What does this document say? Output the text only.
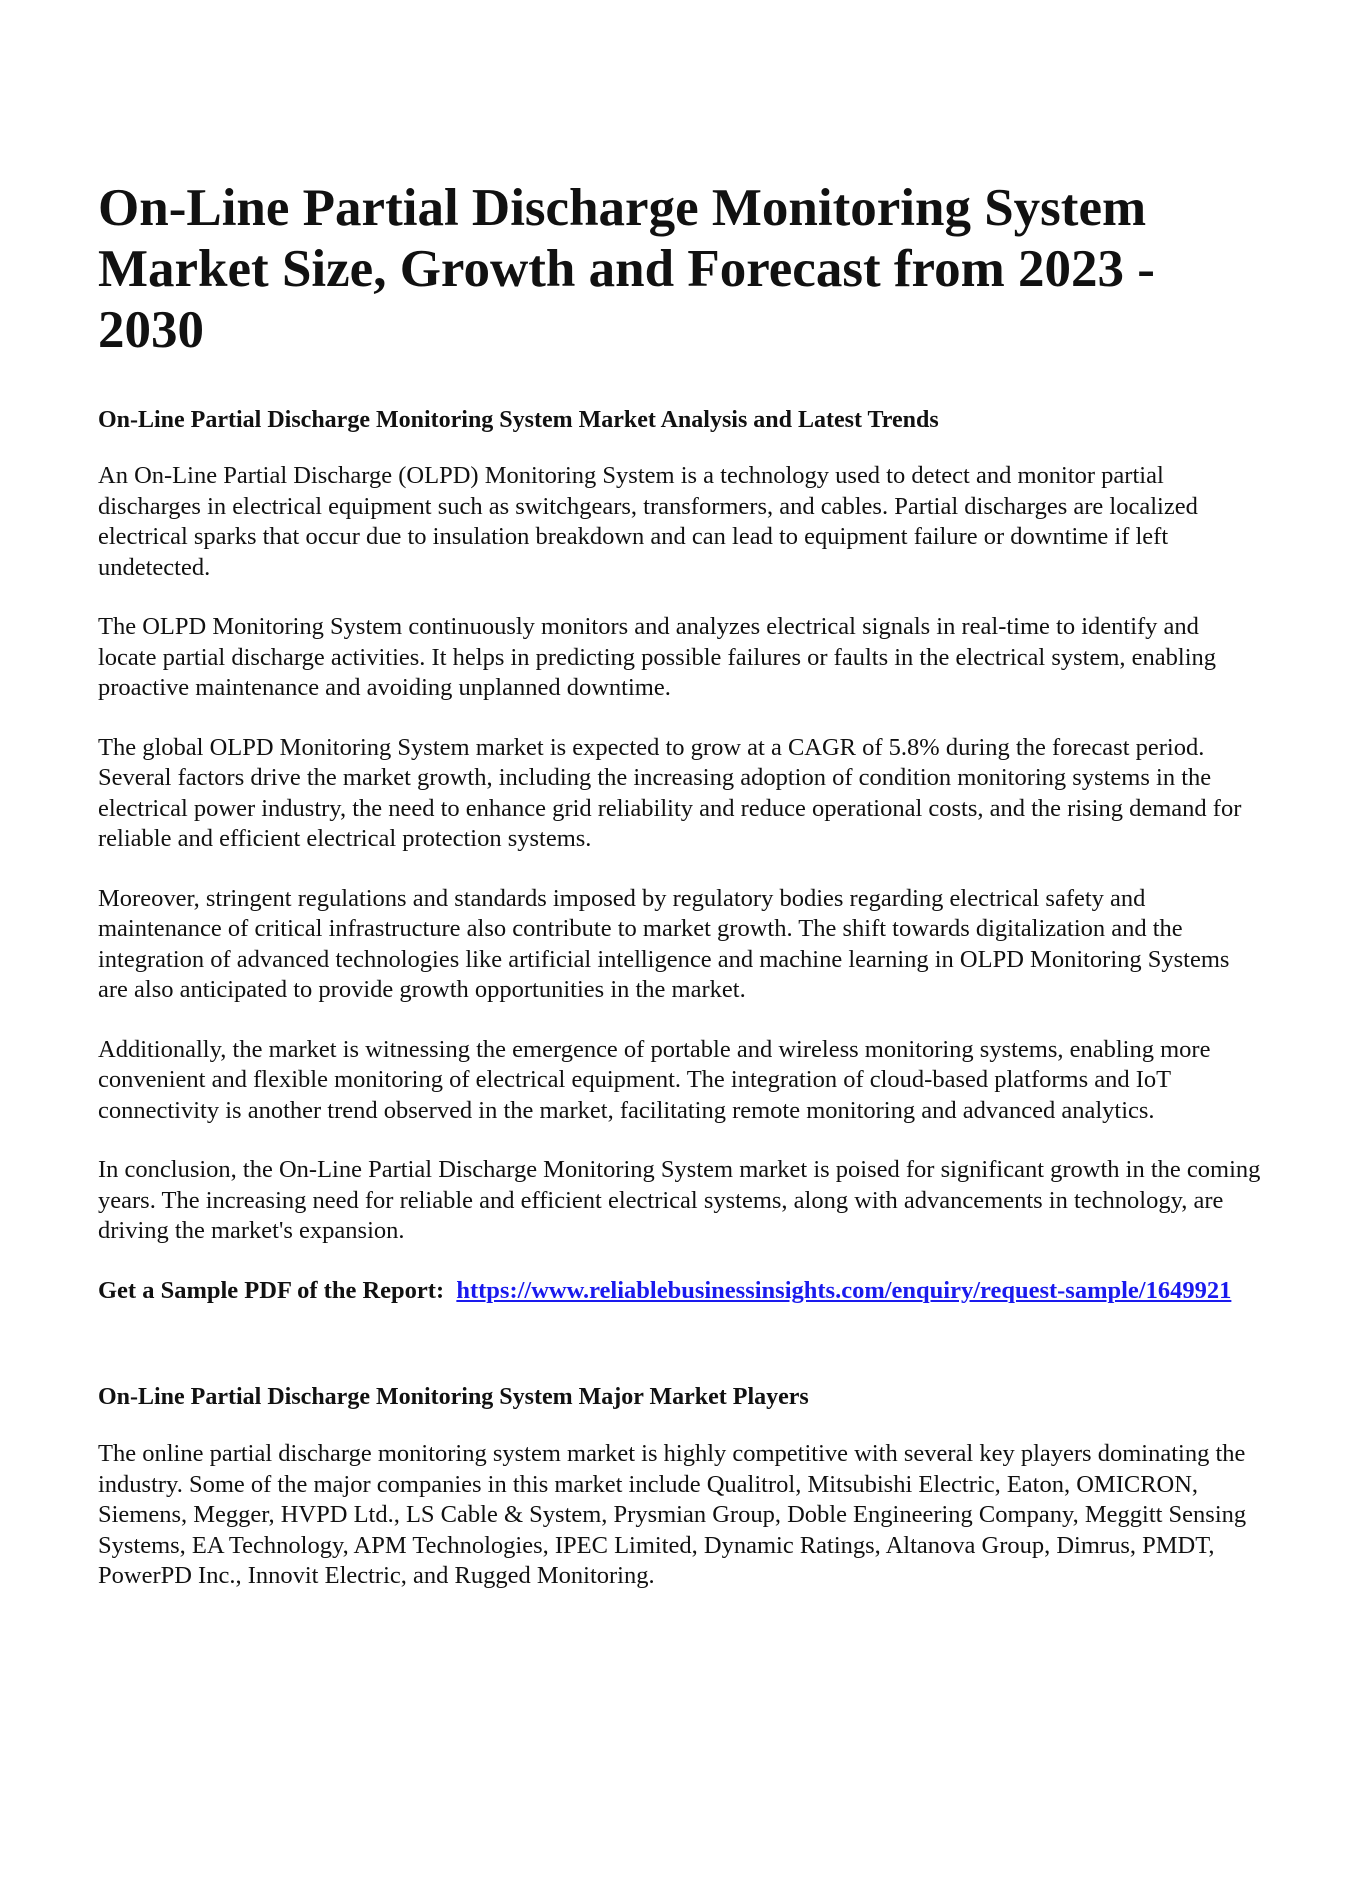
On-Line Partial Discharge Monitoring System Market Size, Growth and Forecast from 2023 - 2030
On-Line Partial Discharge Monitoring System Market Analysis and Latest Trends

An On-Line Partial Discharge (OLPD) Monitoring System is a technology used to detect and monitor partial discharges in electrical equipment such as switchgears, transformers, and cables. Partial discharges are localized electrical sparks that occur due to insulation breakdown and can lead to equipment failure or downtime if left undetected.

The OLPD Monitoring System continuously monitors and analyzes electrical signals in real-time to identify and locate partial discharge activities. It helps in predicting possible failures or faults in the electrical system, enabling proactive maintenance and avoiding unplanned downtime.

The global OLPD Monitoring System market is expected to grow at a CAGR of 5.8% during the forecast period. Several factors drive the market growth, including the increasing adoption of condition monitoring systems in the electrical power industry, the need to enhance grid reliability and reduce operational costs, and the rising demand for reliable and efficient electrical protection systems.

Moreover, stringent regulations and standards imposed by regulatory bodies regarding electrical safety and maintenance of critical infrastructure also contribute to market growth. The shift towards digitalization and the integration of advanced technologies like artificial intelligence and machine learning in OLPD Monitoring Systems are also anticipated to provide growth opportunities in the market.

Additionally, the market is witnessing the emergence of portable and wireless monitoring systems, enabling more convenient and flexible monitoring of electrical equipment. The integration of cloud-based platforms and IoT connectivity is another trend observed in the market, facilitating remote monitoring and advanced analytics.

In conclusion, the On-Line Partial Discharge Monitoring System market is poised for significant growth in the coming years. The increasing need for reliable and efficient electrical systems, along with advancements in technology, are driving the market's expansion.

Get a Sample PDF of the Report: https://www.reliablebusinessinsights.com/enquiry/request-sample/1649921

On-Line Partial Discharge Monitoring System Major Market Players

The online partial discharge monitoring system market is highly competitive with several key players dominating the industry. Some of the major companies in this market include Qualitrol, Mitsubishi Electric, Eaton, OMICRON, Siemens, Megger, HVPD Ltd., LS Cable & System, Prysmian Group, Doble Engineering Company, Meggitt Sensing Systems, EA Technology, APM Technologies, IPEC Limited, Dynamic Ratings, Altanova Group, Dimrus, PMDT, PowerPD Inc., Innovit Electric, and Rugged Monitoring.
